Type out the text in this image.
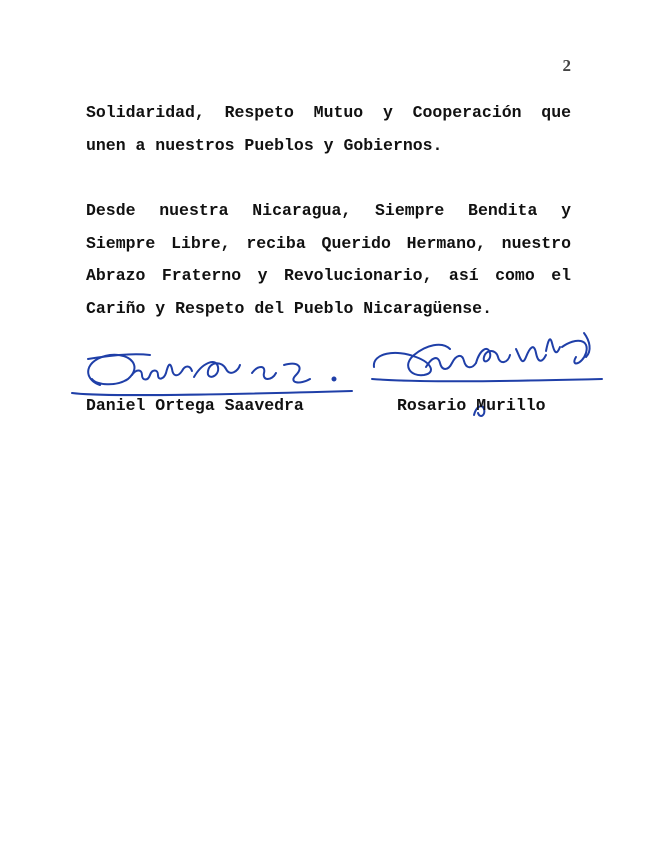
2
Solidaridad, Respeto Mutuo y Cooperación que
unen a nuestros Pueblos y Gobiernos.
Desde nuestra Nicaragua, Siempre Bendita y
Siempre Libre, reciba Querido Hermano, nuestro
Abrazo Fraterno y Revolucionario, así como el
Cariño y Respeto del Pueblo Nicaragüense.
Daniel Ortega Saavedra	Rosario Murillo
